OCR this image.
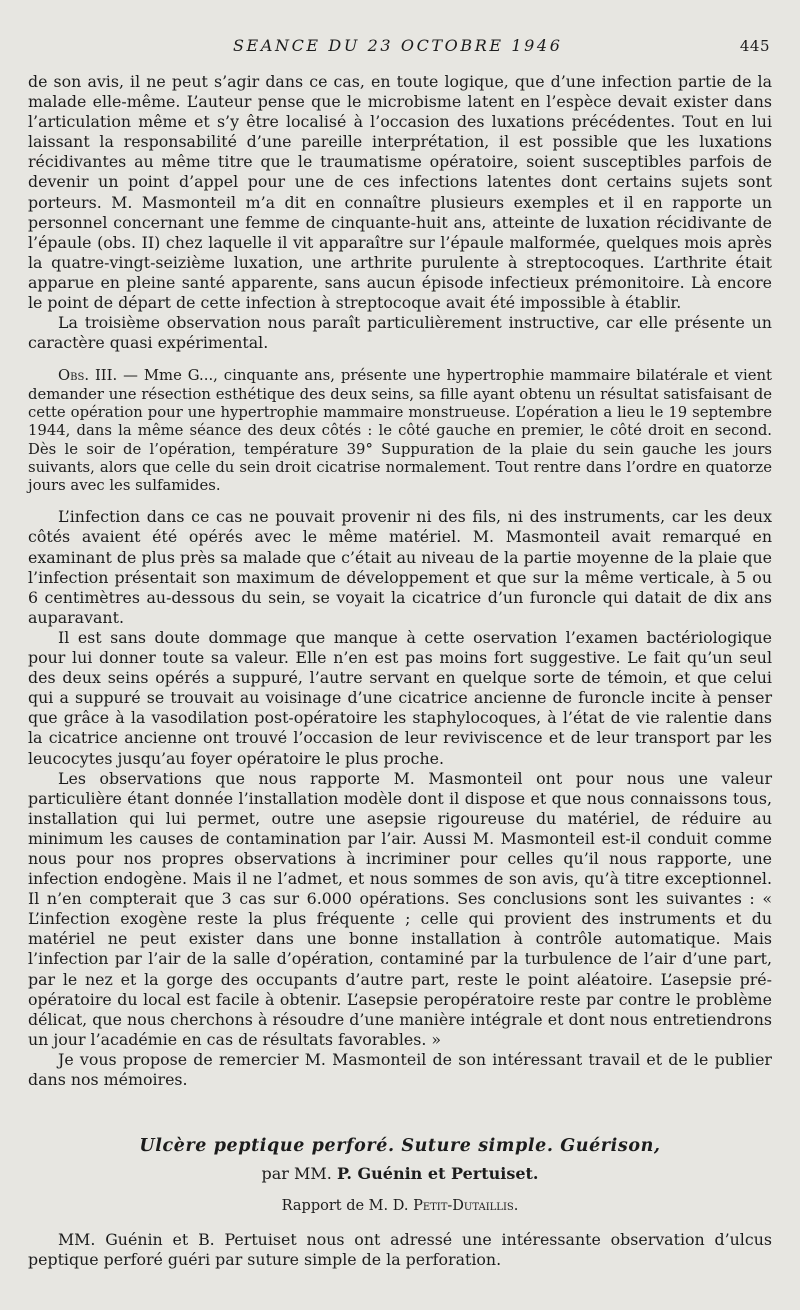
SEANCE DU 23 OCTOBRE 1946	445

de son avis, il ne peut s’agir dans ce cas, en toute logique, que d’une infection partie de la malade elle-même. L’auteur pense que le microbisme latent en l’espèce devait exister dans l’articulation même et s’y être localisé à l’occasion des luxations précédentes. Tout en lui laissant la responsabilité d’une pareille interprétation, il est possible que les luxations récidivantes au même titre que le traumatisme opératoire, soient susceptibles parfois de devenir un point d’appel pour une de ces infections latentes dont certains sujets sont porteurs. M. Masmonteil m’a dit en connaître plusieurs exemples et il en rapporte un personnel concernant une femme de cinquante-huit ans, atteinte de luxation récidivante de l’épaule (obs. II) chez laquelle il vit apparaître sur l’épaule malformée, quelques mois après la quatre-vingt-seizième luxation, une arthrite purulente à streptocoques. L’arthrite était apparue en pleine santé apparente, sans aucun épisode infectieux prémonitoire. Là encore le point de départ de cette infection à streptocoque avait été impossible à établir.

La troisième observation nous paraît particulièrement instructive, car elle présente un caractère quasi expérimental.

Obs. III. — Mme G..., cinquante ans, présente une hypertrophie mammaire bilatérale et vient demander une résection esthétique des deux seins, sa fille ayant obtenu un résultat satisfaisant de cette opération pour une hypertrophie mammaire monstrueuse. L’opération a lieu le 19 septembre 1944, dans la même séance des deux côtés : le côté gauche en premier, le côté droit en second. Dès le soir de l’opération, température 39° Suppuration de la plaie du sein gauche les jours suivants, alors que celle du sein droit cicatrise normalement. Tout rentre dans l’ordre en quatorze jours avec les sulfamides.

L’infection dans ce cas ne pouvait provenir ni des fils, ni des instruments, car les deux côtés avaient été opérés avec le même matériel. M. Masmonteil avait remarqué en examinant de plus près sa malade que c’était au niveau de la partie moyenne de la plaie que l’infection présentait son maximum de développement et que sur la même verticale, à 5 ou 6 centimètres au-dessous du sein, se voyait la cicatrice d’un furoncle qui datait de dix ans auparavant.

Il est sans doute dommage que manque à cette oservation l’examen bactériologique pour lui donner toute sa valeur. Elle n’en est pas moins fort suggestive. Le fait qu’un seul des deux seins opérés a suppuré, l’autre servant en quelque sorte de témoin, et que celui qui a suppuré se trouvait au voisinage d’une cicatrice ancienne de furoncle incite à penser que grâce à la vasodilation post-opératoire les staphylocoques, à l’état de vie ralentie dans la cicatrice ancienne ont trouvé l’occasion de leur reviviscence et de leur transport par les leucocytes jusqu’au foyer opératoire le plus proche.

Les observations que nous rapporte M. Masmonteil ont pour nous une valeur particulière étant donnée l’installation modèle dont il dispose et que nous connaissons tous, installation qui lui permet, outre une asepsie rigoureuse du matériel, de réduire au minimum les causes de contamination par l’air. Aussi M. Masmonteil est-il conduit comme nous pour nos propres observations à incriminer pour celles qu’il nous rapporte, une infection endogène. Mais il ne l’admet, et nous sommes de son avis, qu’à titre exceptionnel. Il n’en compterait que 3 cas sur 6.000 opérations. Ses conclusions sont les suivantes : « L’infection exogène reste la plus fréquente ; celle qui provient des instruments et du matériel ne peut exister dans une bonne installation à contrôle automatique. Mais l’infection par l’air de la salle d’opération, contaminé par la turbulence de l’air d’une part, par le nez et la gorge des occupants d’autre part, reste le point aléatoire. L’asepsie pré-opératoire du local est facile à obtenir. L’asepsie peropératoire reste par contre le problème délicat, que nous cherchons à résoudre d’une manière intégrale et dont nous entretiendrons un jour l’académie en cas de résultats favorables. »

Je vous propose de remercier M. Masmonteil de son intéressant travail et de le publier dans nos mémoires.

Ulcère peptique perforé. Suture simple. Guérison,
par MM. P. Guénin et Pertuiset.
Rapport de M. D. Petit-Dutaillis.

MM. Guénin et B. Pertuiset nous ont adressé une intéressante observation d’ulcus peptique perforé guéri par suture simple de la perforation.
